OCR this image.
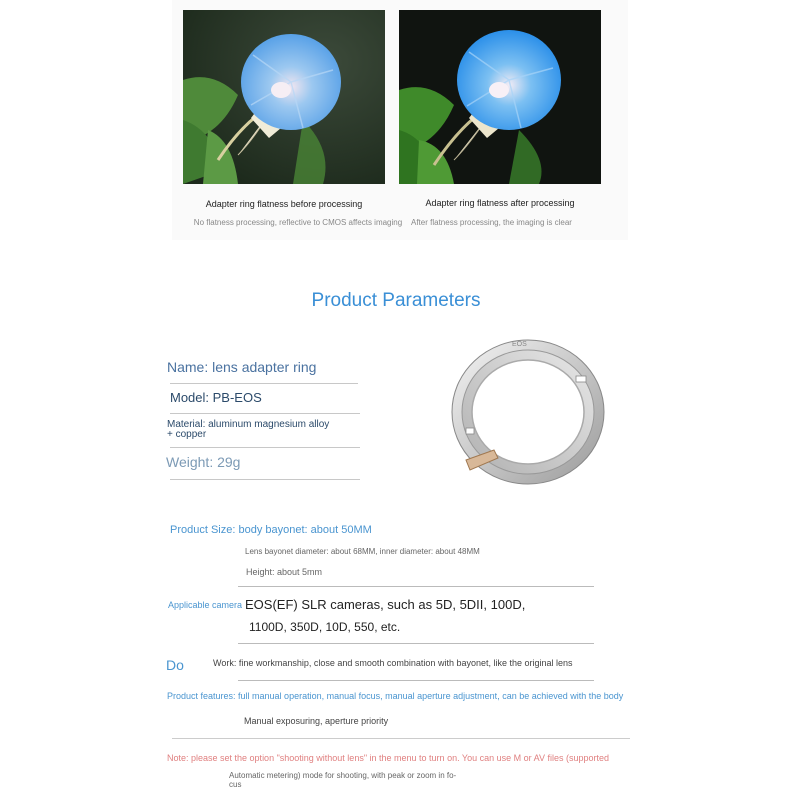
Adapter ring flatness before processing	Adapter ring flatness after processing
No flatness processing, reflective to CMOS affects imaging	After flatness processing, the imaging is clear
Product Parameters
Name: lens adapter ring
Model: PB-EOS
Material: aluminum magnesium alloy
+ copper
Weight: 29g
EOS
Product Size: body bayonet: about 50MM
Lens bayonet diameter: about 68MM, inner diameter: about 48MM
Height: about 5mm
Applicable camera EOS(EF) SLR cameras, such as 5D, 5DII, 100D,
1100D, 350D, 10D, 550, etc.
Do	Work: fine workmanship, close and smooth combination with bayonet, like the original lens
Product features: full manual operation, manual focus, manual aperture adjustment, can be achieved with the body
Manual exposuring, aperture priority
Note: please set the option "shooting without lens" in the menu to turn on. You can use M or AV files (supported
Automatic metering) mode for shooting, with peak or zoom in fo-
cus
